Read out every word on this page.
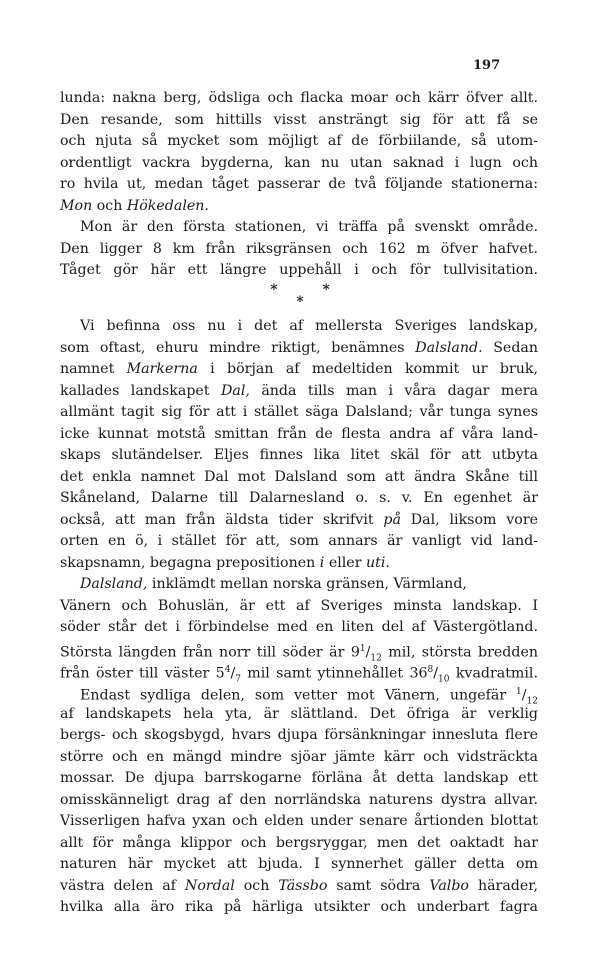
197
lunda: nakna berg, ödsliga och flacka moar och kärr öfver allt.
Den resande, som hittills visst ansträngt sig för att få se
och njuta så mycket som möjligt af de förbiilande, så utom-
ordentligt vackra bygderna, kan nu utan saknad i lugn och
ro hvila ut, medan tåget passerar de två följande stationerna:
Mon och Hökedalen.
Mon är den första stationen, vi träffa på svenskt område.
Den ligger 8 km från riksgränsen och 162 m öfver hafvet.
Tåget gör här ett längre uppehåll i och för tullvisitation.
*	*
*
Vi befinna oss nu i det af mellersta Sveriges landskap,
som oftast, ehuru mindre riktigt, benämnes Dalsland. Sedan
namnet Markerna i början af medeltiden kommit ur bruk,
kallades landskapet Dal, ända tills man i våra dagar mera
allmänt tagit sig för att i stället säga Dalsland; vår tunga synes
icke kunnat motstå smittan från de flesta andra af våra land-
skaps slutändelser. Eljes finnes lika litet skäl för att utbyta
det enkla namnet Dal mot Dalsland som att ändra Skåne till
Skåneland, Dalarne till Dalarnesland o. s. v. En egenhet är
också, att man från äldsta tider skrifvit på Dal, liksom vore
orten en ö, i stället för att, som annars är vanligt vid land-
skapsnamn, begagna prepositionen i eller uti.
Dalsland, inklämdt mellan norska gränsen, Värmland,
Vänern och Bohuslän, är ett af Sveriges minsta landskap. I
söder står det i förbindelse med en liten del af Västergötland.
Största längden från norr till söder är $9^1/_{12}$ mil, största bredden
från öster till väster $5^4/_7$ mil samt ytinnehållet $36^8/_{10}$ kvadratmil.
Endast sydliga delen, som vetter mot Vänern, ungefär $^1/_{12}$
af landskapets hela yta, är slättland. Det öfriga är verklig
bergs- och skogsbygd, hvars djupa försänkningar inneslutа flere
större och en mängd mindre sjöar jämte kärr och vidsträckta
mossar. De djupa barrskogarne förläna åt detta landskap ett
omisskänneligt drag af den norrländska naturens dystra allvar.
Visserligen hafva yxan och elden under senare årtionden blottat
allt för många klippor och bergsryggar, men det oaktadt har
naturen här mycket att bjuda. I synnerhet gäller detta om
västra delen af Nordal och Tässbo samt södra Valbo härader,
hvilka alla äro rika på härliga utsikter och underbart fagra
